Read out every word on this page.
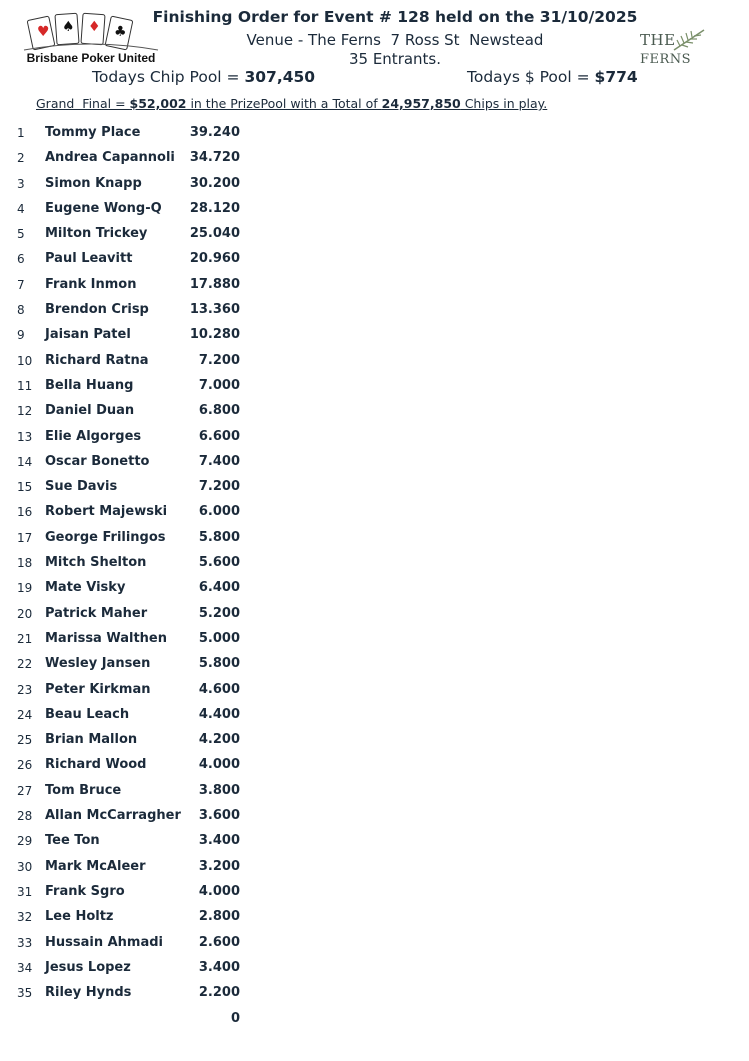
♥ ♠ ♦ ♣
Brisbane Poker United
Finishing Order for Event # 128 held on the 31/10/2025
Venue - The Ferns  7 Ross St  Newstead
35 Entrants.
THEFERNS
Todays Chip Pool = 307,450	Todays $ Pool = $774
Grand  Final = $52,002 in the PrizePool with a Total of 24,957,850 Chips in play.
1 Tommy Place	39.240
2 Andrea Capannoli	34.720
3 Simon Knapp	30.200
4 Eugene Wong-Q	28.120
5 Milton Trickey	25.040
6 Paul Leavitt	20.960
7 Frank Inmon	17.880
8 Brendon Crisp	13.360
9 Jaisan Patel	10.280
10 Richard Ratna	7.200
11 Bella Huang	7.000
12 Daniel Duan	6.800
13 Elie Algorges	6.600
14 Oscar Bonetto	7.400
15 Sue Davis	7.200
16 Robert Majewski	6.000
17 George Frilingos	5.800
18 Mitch Shelton	5.600
19 Mate Visky	6.400
20 Patrick Maher	5.200
21 Marissa Walthen	5.000
22 Wesley Jansen	5.800
23 Peter Kirkman	4.600
24 Beau Leach	4.400
25 Brian Mallon	4.200
26 Richard Wood	4.000
27 Tom Bruce	3.800
28 Allan McCarragher	3.600
29 Tee Ton	3.400
30 Mark McAleer	3.200
31 Frank Sgro	4.000
32 Lee Holtz	2.800
33 Hussain Ahmadi	2.600
34 Jesus Lopez	3.400
35 Riley Hynds	2.200
0
